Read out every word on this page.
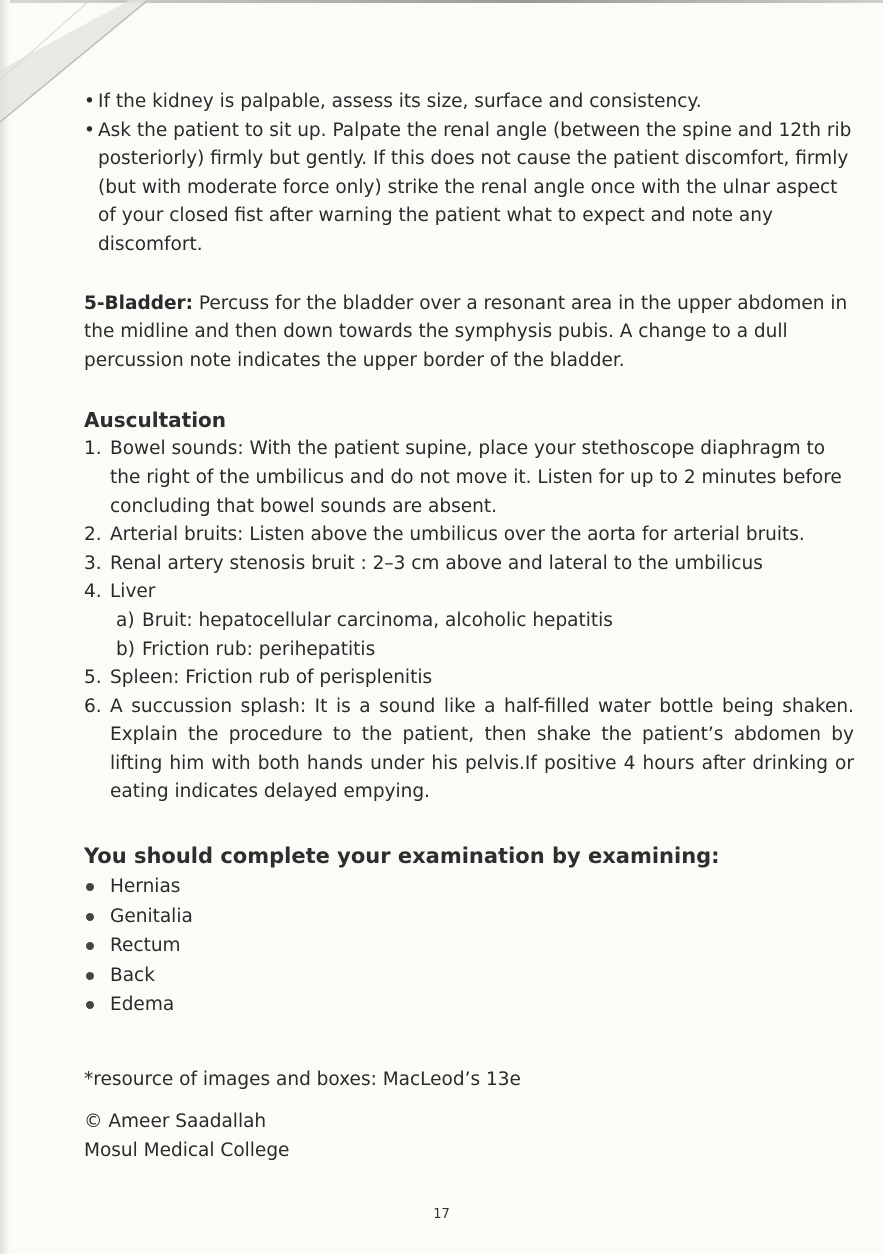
• If the kidney is palpable, assess its size, surface and consistency.
• Ask the patient to sit up. Palpate the renal angle (between the spine and 12th rib posteriorly) firmly but gently. If this does not cause the patient discomfort, firmly (but with moderate force only) strike the renal angle once with the ulnar aspect of your closed fist after warning the patient what to expect and note any discomfort.

5-Bladder: Percuss for the bladder over a resonant area in the upper abdomen in the midline and then down towards the symphysis pubis. A change to a dull percussion note indicates the upper border of the bladder.

Auscultation
1. Bowel sounds: With the patient supine, place your stethoscope diaphragm to the right of the umbilicus and do not move it. Listen for up to 2 minutes before concluding that bowel sounds are absent.
2. Arterial bruits: Listen above the umbilicus over the aorta for arterial bruits.
3. Renal artery stenosis bruit : 2–3 cm above and lateral to the umbilicus
4. Liver
a) Bruit: hepatocellular carcinoma, alcoholic hepatitis
b) Friction rub: perihepatitis
5. Spleen: Friction rub of perisplenitis
6. A succussion splash: It is a sound like a half-filled water bottle being shaken. Explain the procedure to the patient, then shake the patient’s abdomen by lifting him with both hands under his pelvis.If positive 4 hours after drinking or eating indicates delayed empying.
You should complete your examination by examining:
Hernias
Genitalia
Rectum
Back
Edema
*resource of images and boxes: MacLeod’s 13e
© Ameer Saadallah
Mosul Medical College
17
